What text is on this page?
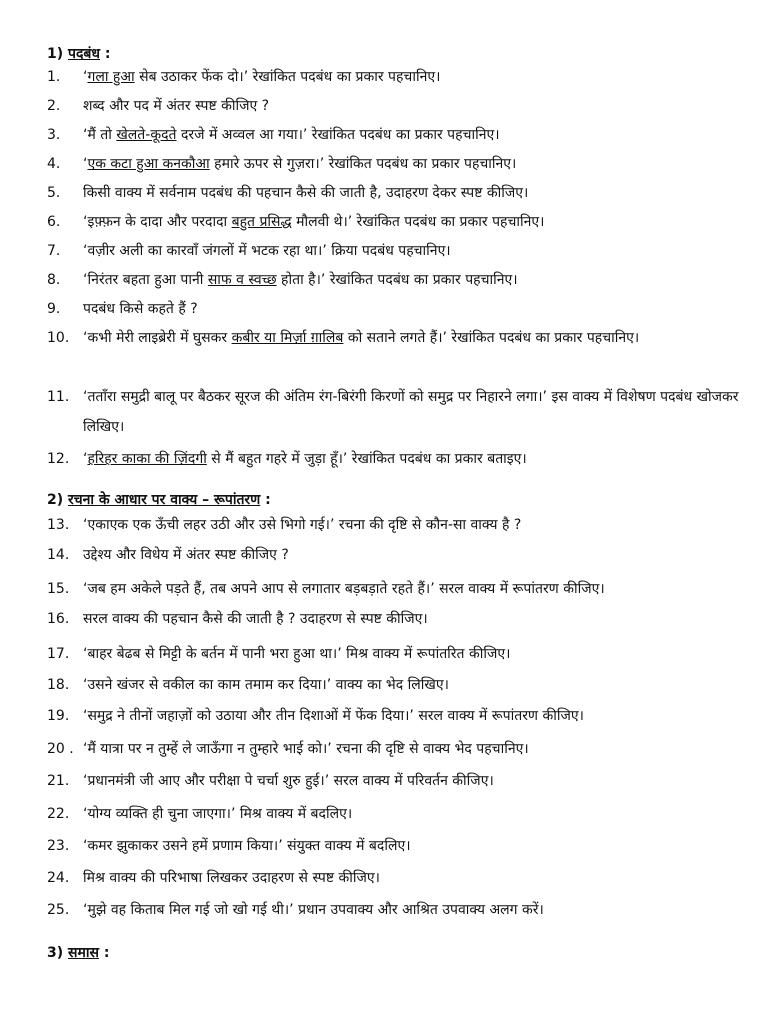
1) पदबंध :
1. ‘गला हुआ सेब उठाकर फेंक दो।’ रेखांकित पदबंध का प्रकार पहचानिए।
2. शब्द और पद में अंतर स्पष्ट कीजिए ?
3. ‘मैं तो खेलते-कूदते दरजे में अव्वल आ गया।’ रेखांकित पदबंध का प्रकार पहचानिए।
4. ‘एक कटा हुआ कनकौआ हमारे ऊपर से गुज़रा।’ रेखांकित पदबंध का प्रकार पहचानिए।
5. किसी वाक्य में सर्वनाम पदबंध की पहचान कैसे की जाती है, उदाहरण देकर स्पष्ट कीजिए।
6. ‘इफ़्फ़न के दादा और परदादा बहुत प्रसिद्ध मौलवी थे।’ रेखांकित पदबंध का प्रकार पहचानिए।
7. ‘वज़ीर अली का कारवाँ जंगलों में भटक रहा था।’ क्रिया पदबंध पहचानिए।
8. ‘निरंतर बहता हुआ पानी साफ व स्वच्छ होता है।’ रेखांकित पदबंध का प्रकार पहचानिए।
9. पदबंध किसे कहते हैं ?
10. ‘कभी मेरी लाइब्रेरी में घुसकर कबीर या मिर्ज़ा ग़ालिब को सताने लगते हैं।’ रेखांकित पदबंध का प्रकार पहचानिए।
11. ‘तताँरा समुद्री बालू पर बैठकर सूरज की अंतिम रंग-बिरंगी किरणों को समुद्र पर निहारने लगा।’ इस वाक्य में विशेषण पदबंध खोजकर लिखिए।
12. ‘हरिहर काका की ज़िंदगी से मैं बहुत गहरे में जुड़ा हूँ।’ रेखांकित पदबंध का प्रकार बताइए।
13. ‘एकाएक एक ऊँची लहर उठी और उसे भिगो गई।’ रचना की दृष्टि से कौन-सा वाक्य है ?
14. उद्देश्य और विधेय में अंतर स्पष्ट कीजिए ?
15. ‘जब हम अकेले पड़ते हैं, तब अपने आप से लगातार बड़बड़ाते रहते हैं।’ सरल वाक्य में रूपांतरण कीजिए।
16. सरल वाक्य की पहचान कैसे की जाती है ? उदाहरण से स्पष्ट कीजिए।
17. ‘बाहर बेढब से मिट्टी के बर्तन में पानी भरा हुआ था।’ मिश्र वाक्य में रूपांतरित कीजिए।
18. ‘उसने खंजर से वकील का काम तमाम कर दिया।’ वाक्य का भेद लिखिए।
19. ‘समुद्र ने तीनों जहाज़ों को उठाया और तीन दिशाओं में फेंक दिया।’ सरल वाक्य में रूपांतरण कीजिए।
20 . ‘मैं यात्रा पर न तुम्हें ले जाऊँगा न तुम्हारे भाई को।’ रचना की दृष्टि से वाक्य भेद पहचानिए।
21. ‘प्रधानमंत्री जी आए और परीक्षा पे चर्चा शुरु हुई।’ सरल वाक्य में परिवर्तन कीजिए।
22. ‘योग्य व्यक्ति ही चुना जाएगा।’ मिश्र वाक्य में बदलिए।
23. ‘कमर झुकाकर उसने हमें प्रणाम किया।’ संयुक्त वाक्य में बदलिए।
24. मिश्र वाक्य की परिभाषा लिखकर उदाहरण से स्पष्ट कीजिए।
25. ‘मुझे वह किताब मिल गई जो खो गई थी।’ प्रधान उपवाक्य और आश्रित उपवाक्य अलग करें।
2) रचना के आधार पर वाक्य – रूपांतरण :
3) समास :
